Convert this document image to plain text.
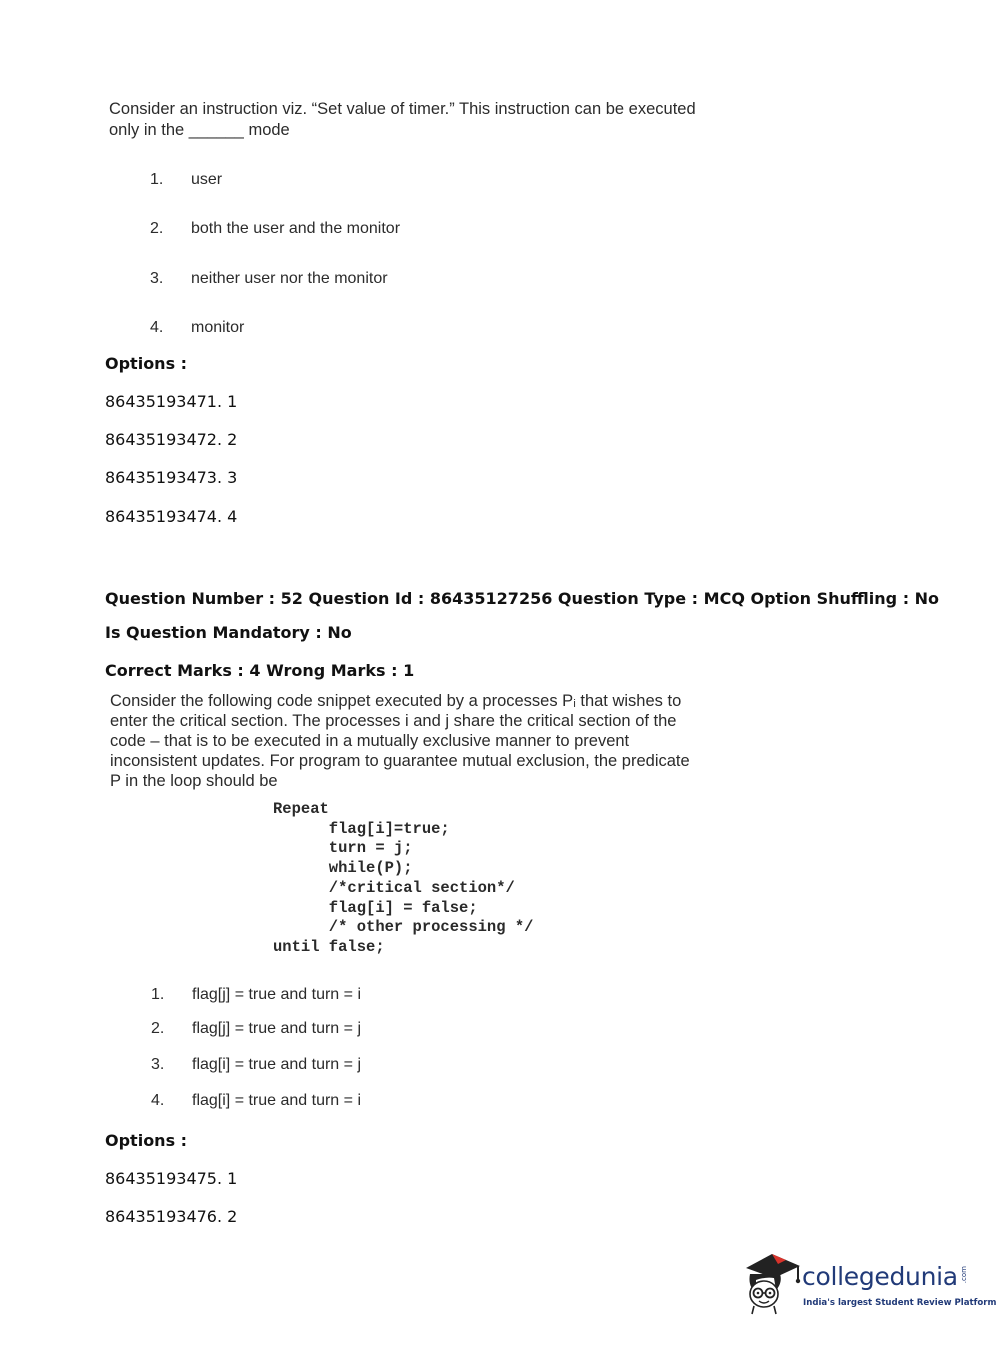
Consider an instruction viz. “Set value of timer.” This instruction can be executed
only in the ______ mode
1. user
2. both the user and the monitor
3. neither user nor the monitor
4. monitor
Options :
86435193471. 1
86435193472. 2
86435193473. 3
86435193474. 4
Question Number : 52 Question Id : 86435127256 Question Type : MCQ Option Shuffling : No
Is Question Mandatory : No
Correct Marks : 4 Wrong Marks : 1
Consider the following code snippet executed by a processes Pᵢ that wishes to
enter the critical section. The processes i and j share the critical section of the
code – that is to be executed in a mutually exclusive manner to prevent
inconsistent updates. For program to guarantee mutual exclusion, the predicate
P in the loop should be
Repeat
flag[i]=true;
turn = j;
while(P);
/*critical section*/
flag[i] = false;
/* other processing */
until false;
1. flag[j] = true and turn = i
2. flag[j] = true and turn = j
3. flag[i] = true and turn = j
4. flag[i] = true and turn = i
Options :
86435193475. 1
86435193476. 2
collegedunia .com
India's largest Student Review Platform
